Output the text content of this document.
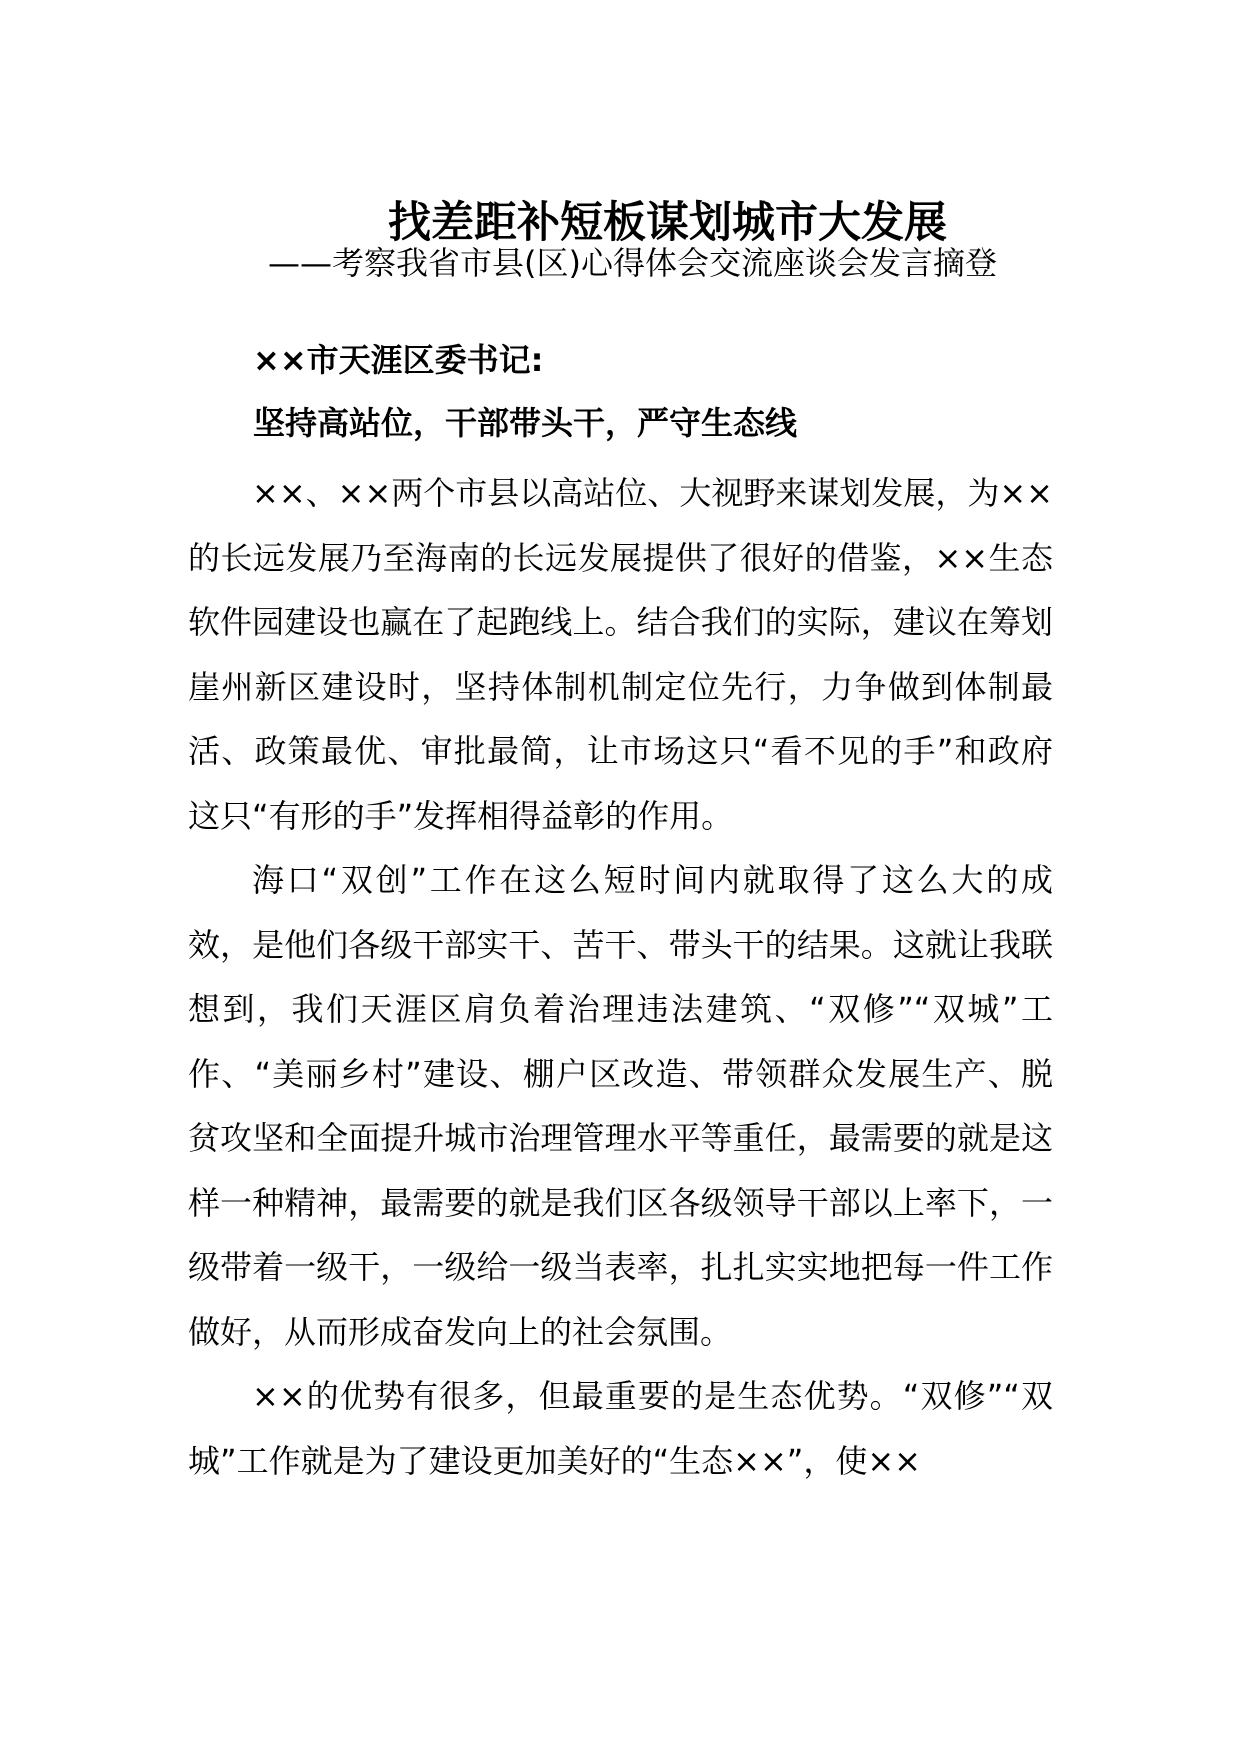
找差距补短板谋划城市大发展
——考察我省市县(区)心得体会交流座谈会发言摘登
××市天涯区委书记:
坚持高站位，干部带头干，严守生态线

××、××两个市县以高站位、大视野来谋划发展，为××的长远发展乃至海南的长远发展提供了很好的借鉴，××生态软件园建设也赢在了起跑线上。结合我们的实际，建议在筹划崖州新区建设时，坚持体制机制定位先行，力争做到体制最活、政策最优、审批最简，让市场这只“看不见的手”和政府这只“有形的手”发挥相得益彰的作用。

海口“双创”工作在这么短时间内就取得了这么大的成效，是他们各级干部实干、苦干、带头干的结果。这就让我联想到，我们天涯区肩负着治理违法建筑、“双修”“双城”工作、“美丽乡村”建设、棚户区改造、带领群众发展生产、脱贫攻坚和全面提升城市治理管理水平等重任，最需要的就是这样一种精神，最需要的就是我们区各级领导干部以上率下，一级带着一级干，一级给一级当表率，扎扎实实地把每一件工作做好，从而形成奋发向上的社会氛围。

××的优势有很多，但最重要的是生态优势。“双修”“双城”工作就是为了建设更加美好的“生态××”，使××
